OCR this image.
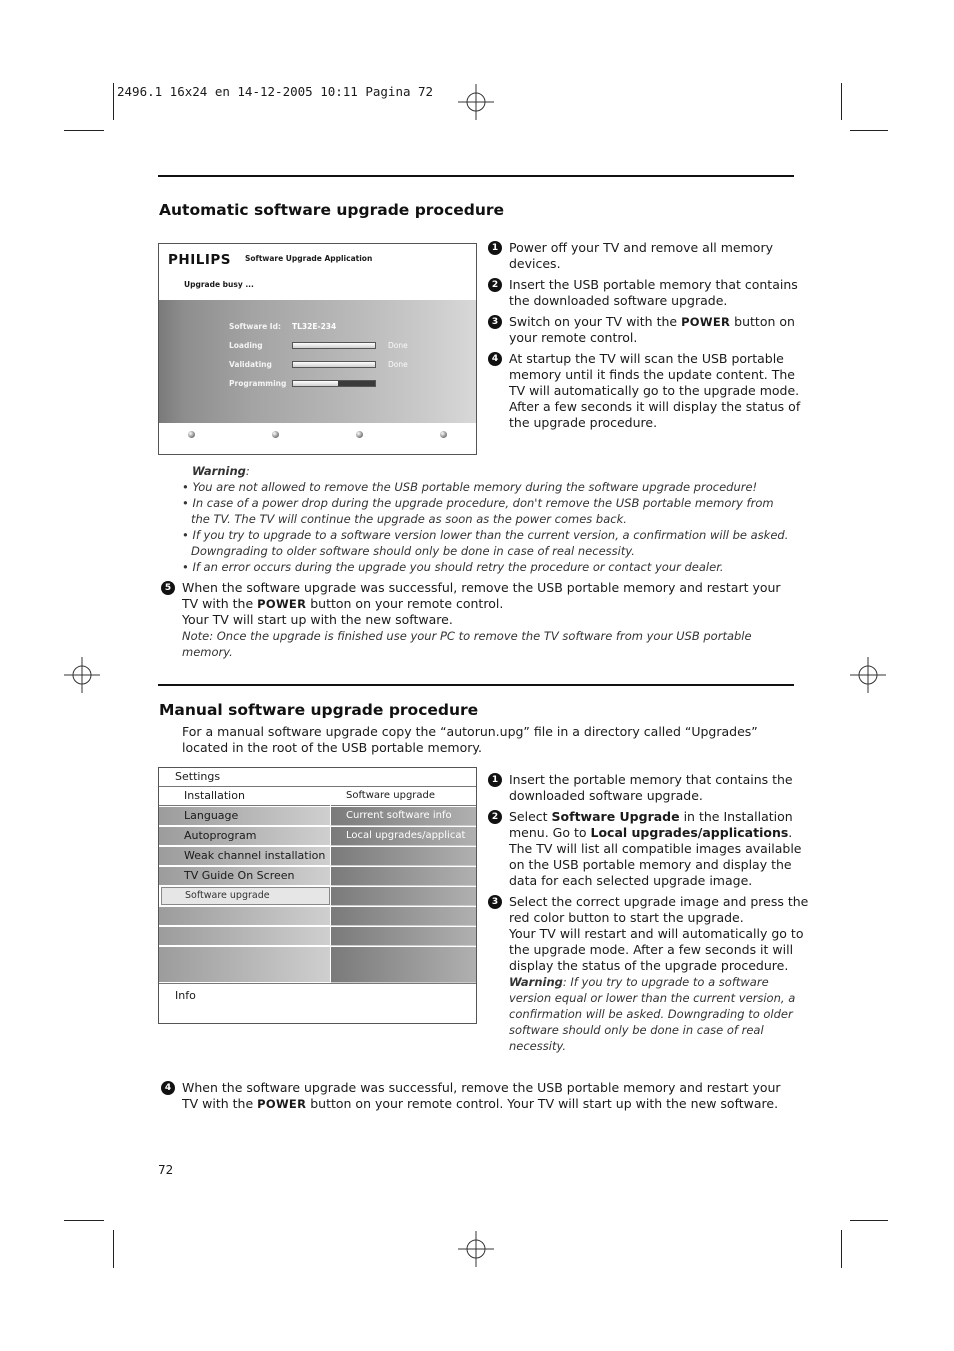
2496.1 16x24 en 14-12-2005 10:11 Pagina 72
Automatic software upgrade procedure
PHILIPS Software Upgrade Application
Upgrade busy ...
Software Id: TL32E-234
Loading	Done
Validating	Done
Programming
1 Power off your TV and remove all memory devices.
2 Insert the USB portable memory that contains the downloaded software upgrade.
3 Switch on your TV with the POWER button on your remote control.
4 At startup the TV will scan the USB portable memory until it finds the update content. The TV will automatically go to the upgrade mode. After a few seconds it will display the status of the upgrade procedure.
Warning:
• You are not allowed to remove the USB portable memory during the software upgrade procedure!
• In case of a power drop during the upgrade procedure, don't remove the USB portable memory from the TV. The TV will continue the upgrade as soon as the power comes back.
• If you try to upgrade to a software version lower than the current version, a confirmation will be asked. Downgrading to older software should only be done in case of real necessity.
• If an error occurs during the upgrade you should retry the procedure or contact your dealer.
5 When the software upgrade was successful, remove the USB portable memory and restart your TV with the POWER button on your remote control.
Your TV will start up with the new software.
Note: Once the upgrade is finished use your PC to remove the TV software from your USB portable memory.
Manual software upgrade procedure
For a manual software upgrade copy the “autorun.upg” file in a directory called “Upgrades” located in the root of the USB portable memory.
Settings
Installation	Software upgrade
Language
Autoprogram
Weak channel installation
TV Guide On Screen
Software upgrade
Current software info
Local upgrades/applicat
Info
1 Insert the portable memory that contains the downloaded software upgrade.
2 Select Software Upgrade in the Installation menu. Go to Local upgrades/applications. The TV will list all compatible images available on the USB portable memory and display the data for each selected upgrade image.
3 Select the correct upgrade image and press the red color button to start the upgrade.
Your TV will restart and will automatically go to the upgrade mode. After a few seconds it will display the status of the upgrade procedure.
Warning: If you try to upgrade to a software version equal or lower than the current version, a confirmation will be asked. Downgrading to older software should only be done in case of real necessity.
4 When the software upgrade was successful, remove the USB portable memory and restart your TV with the POWER button on your remote control. Your TV will start up with the new software.
72
